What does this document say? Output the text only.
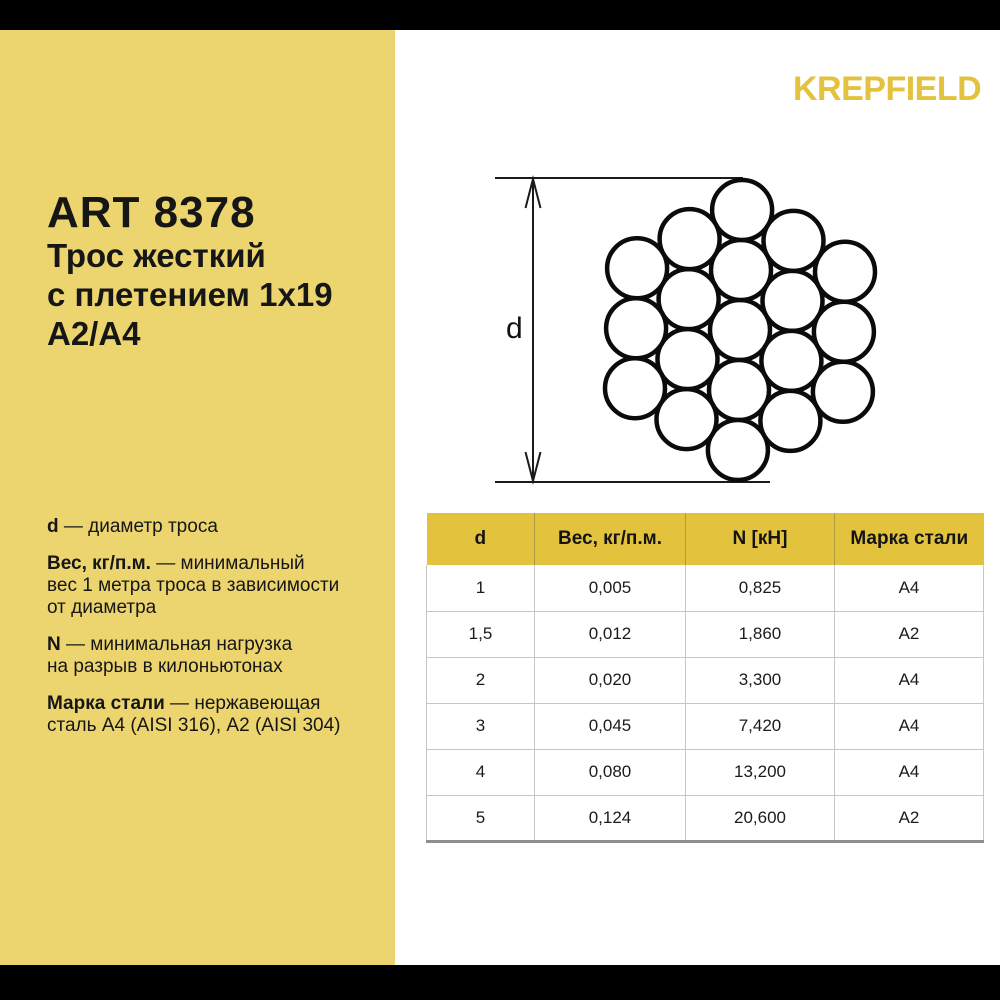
ART 8378
Трос жесткий
с плетением 1x19
А2/А4

d — диаметр троса

Вес, кг/п.м. — минимальный
вес 1 метра троса в зависимости
от диаметра

N — минимальная нагрузка
на разрыв в килоньютонах

Марка стали — нержавеющая
сталь А4 (AISI 316), А2 (AISI 304)

KREPFIELD
d
d	Вес, кг/п.м.	N [кН]	Марка стали
1	0,005	0,825	A4
1,5	0,012	1,860	A2
2	0,020	3,300	A4
3	0,045	7,420	A4
4	0,080	13,200	A4
5	0,124	20,600	A2
